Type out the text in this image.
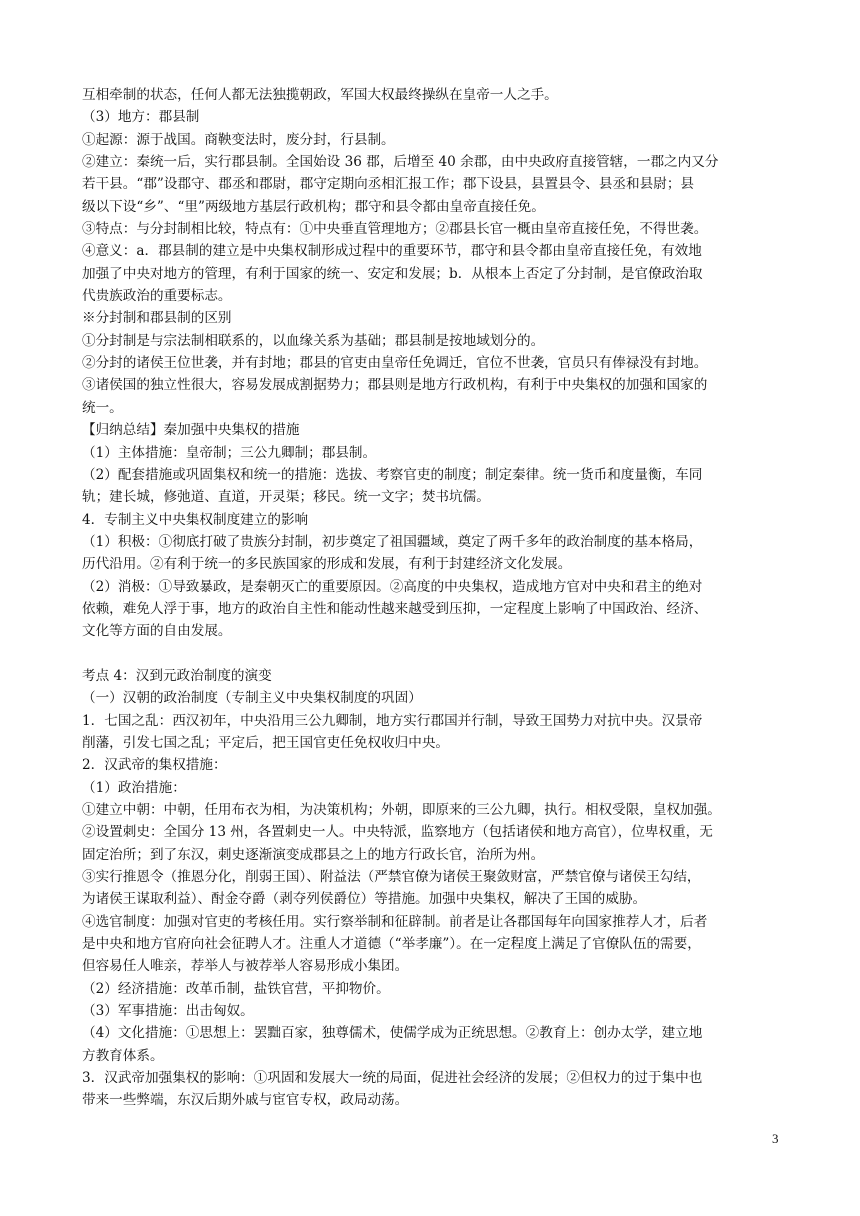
互相牵制的状态，任何人都无法独揽朝政，军国大权最终操纵在皇帝一人之手。
（3）地方：郡县制
①起源：源于战国。商鞅变法时，废分封，行县制。
②建立：秦统一后，实行郡县制。全国始设 36 郡，后增至 40 余郡，由中央政府直接管辖，一郡之内又分
若干县。“郡”设郡守、郡丞和郡尉，郡守定期向丞相汇报工作；郡下设县，县置县令、县丞和县尉；县
级以下设“乡”、“里”两级地方基层行政机构；郡守和县令都由皇帝直接任免。
③特点：与分封制相比较，特点有：①中央垂直管理地方；②郡县长官一概由皇帝直接任免，不得世袭。
④意义：a．郡县制的建立是中央集权制形成过程中的重要环节，郡守和县令都由皇帝直接任免，有效地
加强了中央对地方的管理，有利于国家的统一、安定和发展；b．从根本上否定了分封制，是官僚政治取
代贵族政治的重要标志。
※分封制和郡县制的区别
①分封制是与宗法制相联系的，以血缘关系为基础；郡县制是按地域划分的。
②分封的诸侯王位世袭，并有封地；郡县的官吏由皇帝任免调迁，官位不世袭，官员只有俸禄没有封地。
③诸侯国的独立性很大，容易发展成割据势力；郡县则是地方行政机构，有利于中央集权的加强和国家的
统一。
【归纳总结】秦加强中央集权的措施
（1）主体措施：皇帝制；三公九卿制；郡县制。
（2）配套措施或巩固集权和统一的措施：选拔、考察官吏的制度；制定秦律。统一货币和度量衡，车同
轨；建长城，修弛道、直道，开灵渠；移民。统一文字；焚书坑儒。
4．专制主义中央集权制度建立的影响
（1）积极：①彻底打破了贵族分封制，初步奠定了祖国疆域，奠定了两千多年的政治制度的基本格局，
历代沿用。②有利于统一的多民族国家的形成和发展，有利于封建经济文化发展。
（2）消极：①导致暴政，是秦朝灭亡的重要原因。②高度的中央集权，造成地方官对中央和君主的绝对
依赖，难免人浮于事，地方的政治自主性和能动性越来越受到压抑，一定程度上影响了中国政治、经济、
文化等方面的自由发展。
考点 4：汉到元政治制度的演变
（一）汉朝的政治制度（专制主义中央集权制度的巩固）
1．七国之乱：西汉初年，中央沿用三公九卿制，地方实行郡国并行制，导致王国势力对抗中央。汉景帝
削藩，引发七国之乱；平定后，把王国官吏任免权收归中央。
2．汉武帝的集权措施：
（1）政治措施：
①建立中朝：中朝，任用布衣为相，为决策机构；外朝，即原来的三公九卿，执行。相权受限，皇权加强。
②设置刺史：全国分 13 州，各置刺史一人。中央特派，监察地方（包括诸侯和地方高官），位卑权重，无
固定治所；到了东汉，刺史逐渐演变成郡县之上的地方行政长官，治所为州。
③实行推恩令（推恩分化，削弱王国）、附益法（严禁官僚为诸侯王聚敛财富，严禁官僚与诸侯王勾结，
为诸侯王谋取利益）、酎金夺爵（剥夺列侯爵位）等措施。加强中央集权，解决了王国的威胁。
④选官制度：加强对官吏的考核任用。实行察举制和征辟制。前者是让各郡国每年向国家推荐人才，后者
是中央和地方官府向社会征聘人才。注重人才道德（“举孝廉”）。在一定程度上满足了官僚队伍的需要，
但容易任人唯亲，荐举人与被荐举人容易形成小集团。
（2）经济措施：改革币制，盐铁官营，平抑物价。
（3）军事措施：出击匈奴。
（4）文化措施：①思想上：罢黜百家，独尊儒术，使儒学成为正统思想。②教育上：创办太学，建立地
方教育体系。
3．汉武帝加强集权的影响：①巩固和发展大一统的局面，促进社会经济的发展；②但权力的过于集中也
带来一些弊端，东汉后期外戚与宦官专权，政局动荡。
3
